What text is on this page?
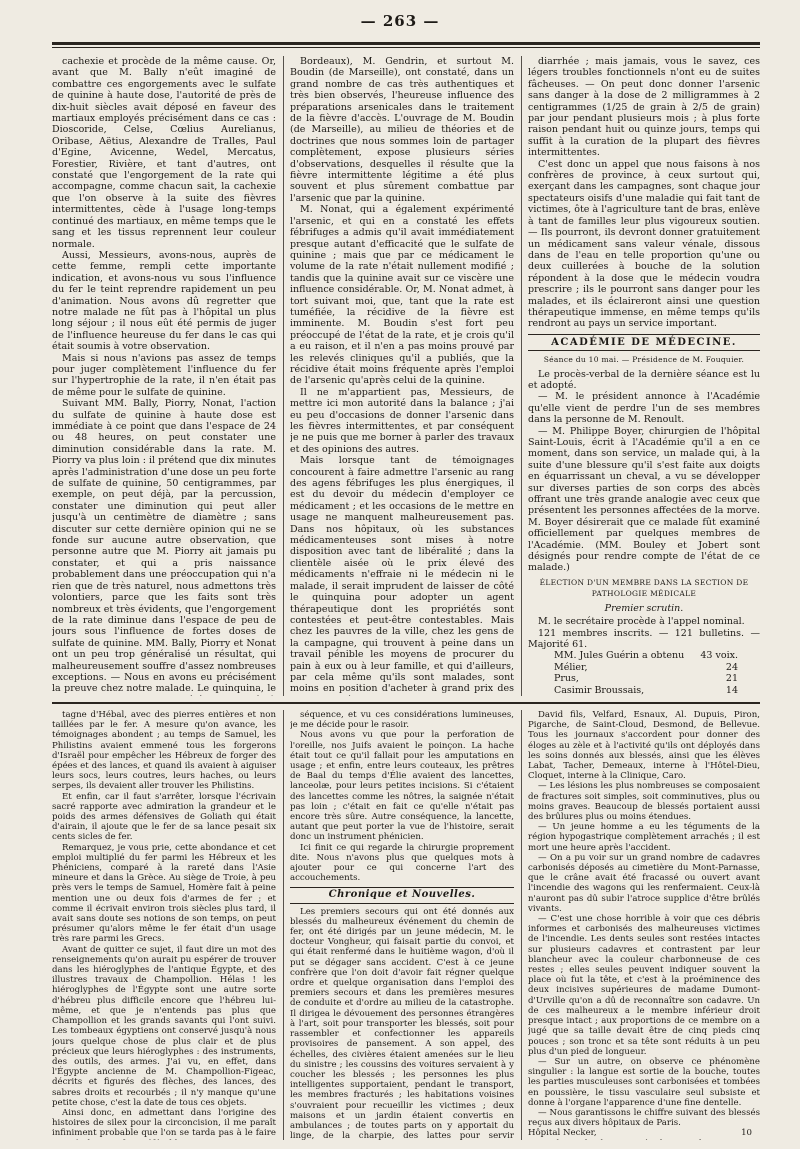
— 263 —

cachexie et procède de la même cause. Or, avant que M. Bally n'eût imaginé de combattre ces engorgements avec le sulfate de quinine à haute dose, l'autorité de près de dix-huit siècles avait déposé en faveur des martiaux employés précisément dans ce cas : Dioscoride, Celse, Cœlius Aurelianus, Oribase, Aëtius, Alexandre de Tralles, Paul d'Egine, Avicenne, Wedel, Mercatus, Forestier, Rivière, et tant d'autres, ont constaté que l'engorgement de la rate qui accompagne, comme chacun sait, la cachexie que l'on observe à la suite des fièvres intermittentes, cède à l'usage long-temps continué des martiaux, en même temps que le sang et les tissus reprennent leur couleur normale.

Aussi, Messieurs, avons-nous, auprès de cette femme, rempli cette importante indication, et avons-nous vu sous l'influence du fer le teint reprendre rapidement un peu d'animation. Nous avons dû regretter que notre malade ne fût pas à l'hôpital un plus long séjour ; il nous eût été permis de juger de l'influence heureuse du fer dans le cas qui était soumis à votre observation.

Mais si nous n'avions pas assez de temps pour juger complètement l'influence du fer sur l'hypertrophie de la rate, il n'en était pas de même pour le sulfate de quinine.

Suivant MM. Bally, Piorry, Nonat, l'action du sulfate de quinine à haute dose est immédiate à ce point que dans l'espace de 24 ou 48 heures, on peut constater une diminution considérable dans la rate. M. Piorry va plus loin : il prétend que dix minutes après l'administration d'une dose un peu forte de sulfate de quinine, 50 centigrammes, par exemple, on peut déjà, par la percussion, constater une diminution qui peut aller jusqu'à un centimètre de diamètre ; sans discuter sur cette dernière opinion qui ne se fonde sur aucune autre observation, que personne autre que M. Piorry ait jamais pu constater, et qui a pris naissance probablement dans une préoccupation qui n'a rien que de très naturel, nous admettons très volontiers, parce que les faits sont très nombreux et très évidents, que l'engorgement de la rate diminue dans l'espace de peu de jours sous l'influence de fortes doses de sulfate de quinine. MM. Bally, Piorry et Nonat ont un peu trop généralisé un résultat, qui malheureusement souffre d'assez nombreuses exceptions. — Nous en avons eu précisément la preuve chez notre malade. Le quinquina, le

Bordeaux), M. Gendrin, et surtout M. Boudin (de Marseille), ont constaté, dans un grand nombre de cas très authentiques et très bien observés, l'heureuse influence des préparations arsenicales dans le traitement de la fièvre d'accès. L'ouvrage de M. Boudin (de Marseille), au milieu de théories et de doctrines que nous sommes loin de partager complètement, expose plusieurs séries d'observations, desquelles il résulte que la fièvre intermittente légitime a été plus souvent et plus sûrement combattue par l'arsenic que par la quinine.

M. Nonat, qui a également expérimenté l'arsenic, et qui en a constaté les effets fébrifuges a admis qu'il avait immédiatement presque autant d'efficacité que le sulfate de quinine ; mais que par ce médicament le volume de la rate n'était nullement modifié ; tandis que la quinine avait sur ce viscère une influence considérable. Or, M. Nonat admet, à tort suivant moi, que, tant que la rate est tuméfiée, la récidive de la fièvre est imminente. M. Boudin s'est fort peu préoccupé de l'état de la rate, et je crois qu'il a eu raison, et il n'en a pas moins prouvé par les relevés cliniques qu'il a publiés, que la récidive était moins fréquente après l'emploi de l'arsenic qu'après celui de la quinine.

Il ne m'appartient pas, Messieurs, de mettre ici mon autorité dans la balance ; j'ai eu peu d'occasions de donner l'arsenic dans les fièvres intermittentes, et par conséquent je ne puis que me borner à parler des travaux et des opinions des autres.

Mais lorsque tant de témoignages concourent à faire admettre l'arsenic au rang des agens fébrifuges les plus énergiques, il est du devoir du médecin d'employer ce médicament ; et les occasions de le mettre en usage ne manquent malheureusement pas. Dans nos hôpitaux, où les substances médicamenteuses sont mises à notre disposition avec tant de libéralité ; dans la clientèle aisée où le prix élevé des médicaments n'effraie ni le médecin ni le malade, il serait imprudent de laisser de côté le quinquina pour adopter un agent thérapeutique dont les propriétés sont contestées et peut-être contestables. Mais chez les pauvres de la ville, chez les gens de la campagne, qui trouvent à peine dans un travail pénible les moyens de procurer du pain à eux ou à leur famille, et qui d'ailleurs, par cela même qu'ils sont malades, sont moins en position d'acheter à grand prix des

diarrhée ; mais jamais, vous le savez, ces légers troubles fonctionnels n'ont eu de suites fâcheuses. — On peut donc donner l'arsenic sans danger à la dose de 2 milligrammes à 2 centigrammes (1/25 de grain à 2/5 de grain) par jour pendant plusieurs mois ; à plus forte raison pendant huit ou quinze jours, temps qui suffit à la curation de la plupart des fièvres intermittentes.

C'est donc un appel que nous faisons à nos confrères de province, à ceux surtout qui, exerçant dans les campagnes, sont chaque jour spectateurs oisifs d'une maladie qui fait tant de victimes, ôte à l'agriculture tant de bras, enlève à tant de familles leur plus vigoureux soutien. — Ils pourront, ils devront donner gratuitement un médicament sans valeur vénale, dissous dans de l'eau en telle proportion qu'une ou deux cuillerées à bouche de la solution répondent à la dose que le médecin voudra prescrire ; ils le pourront sans danger pour les malades, et ils éclaireront ainsi une question thérapeutique immense, en même temps qu'ils rendront au pays un service important.

ACADÉMIE DE MÉDECINE.
Séance du 10 mai. — Présidence de M. Fouquier.

Le procès-verbal de la dernière séance est lu et adopté.

— M. le président annonce à l'Académie qu'elle vient de perdre l'un de ses membres dans la personne de M. Renoult.

— M. Philippe Boyer, chirurgien de l'hôpital Saint-Louis, écrit à l'Académie qu'il a en ce moment, dans son service, un malade qui, à la suite d'une blessure qu'il s'est faite aux doigts en équarrissant un cheval, a vu se développer sur diverses parties de son corps des abcès offrant une très grande analogie avec ceux que présentent les personnes affectées de la morve. M. Boyer désirerait que ce malade fût examiné officiellement par quelques membres de l'Académie. (MM. Bouley et Jobert sont désignés pour rendre compte de l'état de ce malade.)

ÉLECTION D'UN MEMBRE DANS LA SECTION DE PATHOLOGIE MÉDICALE
Premier scrutin.

M. le secrétaire procède à l'appel nominal.

121 membres inscrits. — 121 bulletins. — Majorité 61.

MM. Jules Guérin a obtenu 43 voix.
Mélier,	24
Prus,	21
Casimir Broussais,	14

tagne d'Hébal, avec des pierres entières et non taillées par le fer. A mesure qu'on avance, les témoignages abondent ; au temps de Samuel, les Philistins avaient emmené tous les forgerons d'Israël pour empêcher les Hébreux de forger des épées et des lances, et quand ils avaient à aiguiser leurs socs, leurs coutres, leurs haches, ou leurs serpes, ils devaient aller trouver les Philistins.

Et enfin, car il faut s'arrêter, lorsque l'écrivain sacré rapporte avec admiration la grandeur et le poids des armes défensives de Goliath qui était d'airain, il ajoute que le fer de sa lance pesait six cents sicles de fer.

Remarquez, je vous prie, cette abondance et cet emploi multiplié du fer parmi les Hébreux et les Phéniciens, comparé à la rareté dans l'Asie mineure et dans la Grèce. Au siège de Troie, à peu près vers le temps de Samuel, Homère fait à peine mention une ou deux fois d'armes de fer ; et comme il écrivait environ trois siècles plus tard, il avait sans doute ses notions de son temps, on peut présumer qu'alors même le fer était d'un usage très rare parmi les Grecs.

Avant de quitter ce sujet, il faut dire un mot des renseignements qu'on aurait pu espérer de trouver dans les hiéroglyphes de l'antique Égypte, et des illustres travaux de Champollion. Hélas ! les hiéroglyphes de l'Égypte sont une autre sorte d'hébreu plus difficile encore que l'hébreu lui-même, et que je n'entends pas plus que Champollion et les grands savants qui l'ont suivi. Les tombeaux égyptiens ont conservé jusqu'à nous jours quelque chose de plus clair et de plus précieux que leurs hiéroglyphes : des instruments, des outils, des armes. J'ai vu, en effet, dans l'Égypte ancienne de M. Champollion-Figeac, décrits et figurés des flèches, des lances, des sabres droits et recourbés ; il n'y manque qu'une petite chose, c'est la date de tous ces objets.

Ainsi donc, en admettant dans l'origine des histoires de silex pour la circoncision, il me paraît infiniment probable que l'on se tarda pas à le faire

séquence, et vu ces considérations lumineuses, je me décide pour le rasoir.

Nous avons vu que pour la perforation de l'oreille, nos Juifs avaient le poinçon. La hache était tout ce qu'il fallait pour les amputations en usage ; et enfin, entre leurs couteaux, les prêtres de Baal du temps d'Élie avaient des lancettes, lanceolæ, pour leurs petites incisions. Si c'étaient des lancettes comme les nôtres, la saignée n'était pas loin ; c'était en fait ce qu'elle n'était pas encore très sûre. Autre conséquence, la lancette, autant que peut porter la vue de l'histoire, serait donc un instrument phénicien.

Ici finit ce qui regarde la chirurgie proprement dite. Nous n'avons plus que quelques mots à ajouter pour ce qui concerne l'art des accouchements.

Chronique et Nouvelles.

Les premiers secours qui ont été donnés aux blessés du malheureux événement du chemin de fer, ont été dirigés par un jeune médecin, M. le docteur Vongheur, qui faisait partie du convoi, et qui était renfermé dans le huitième wagon, d'où il put se dégager sans accident. C'est à ce jeune confrère que l'on doit d'avoir fait régner quelque ordre et quelque organisation dans l'emploi des premiers secours et dans les premières mesures de conduite et d'ordre au milieu de la catastrophe. Il dirigea le dévouement des personnes étrangères à l'art, soit pour transporter les blessés, soit pour rassembler et confectionner les appareils provisoires de pansement. A son appel, des échelles, des civières étaient amenées sur le lieu du sinistre ; les coussins des voitures servaient à y coucher les blessés ; les personnes les plus intelligentes supportaient, pendant le transport, les membres fracturés ; les habitations voisines s'ouvraient pour recueillir les victimes ; deux maisons et un jardin étaient convertis en ambulances ; de toutes parts on y apportait du linge, de la charpie, des lattes pour servir

David fils, Velfard, Esnaux, Al. Dupuis, Piron, Pigarche, de Saint-Cloud, Desmond, de Bellevue. Tous les journaux s'accordent pour donner des éloges au zèle et à l'activité qu'ils ont déployés dans les soins donnés aux blessés, ainsi que les élèves Labat, Tacher, Demeaux, interne à l'Hôtel-Dieu, Cloquet, interne à la Clinique, Caro.

— Les lésions les plus nombreuses se composaient de fractures soit simples, soit comminutives, plus ou moins graves. Beaucoup de blessés portaient aussi des brûlures plus ou moins étendues.

— Un jeune homme a eu les téguments de la région hypogastrique complètement arrachés ; il est mort une heure après l'accident.

— On a pu voir sur un grand nombre de cadavres carbonisés déposés au cimetière du Mont-Parnasse, que le crâne avait été fracassé ou ouvert avant l'incendie des wagons qui les renfermaient. Ceux-là n'auront pas dû subir l'atroce supplice d'être brûlés vivants.

— C'est une chose horrible à voir que ces débris informes et carbonisés des malheureuses victimes de l'incendie. Les dents seules sont restées intactes sur plusieurs cadavres et contrastent par leur blancheur avec la couleur charbonneuse de ces restes ; elles seules peuvent indiquer souvent la place où fut la tête, et c'est à la proéminence des deux incisives supérieures de madame Dumont-d'Urville qu'on a dû de reconnaître son cadavre. Un de ces malheureux a le membre inférieur droit presque intact ; aux proportions de ce membre on a jugé que sa taille devait être de cinq pieds cinq pouces ; son tronc et sa tête sont réduits à un peu plus d'un pied de longueur.

— Sur un autre, on observe ce phénomène singulier : la langue est sortie de la bouche, toutes les parties musculeuses sont carbonisées et tombées en poussière, le tissu vasculaire seul subsiste et donne à l'organe l'apparence d'une fine dentelle.

— Nous garantissons le chiffre suivant des blessés reçus aux divers hôpitaux de Paris.

Hôpital Necker,	10
